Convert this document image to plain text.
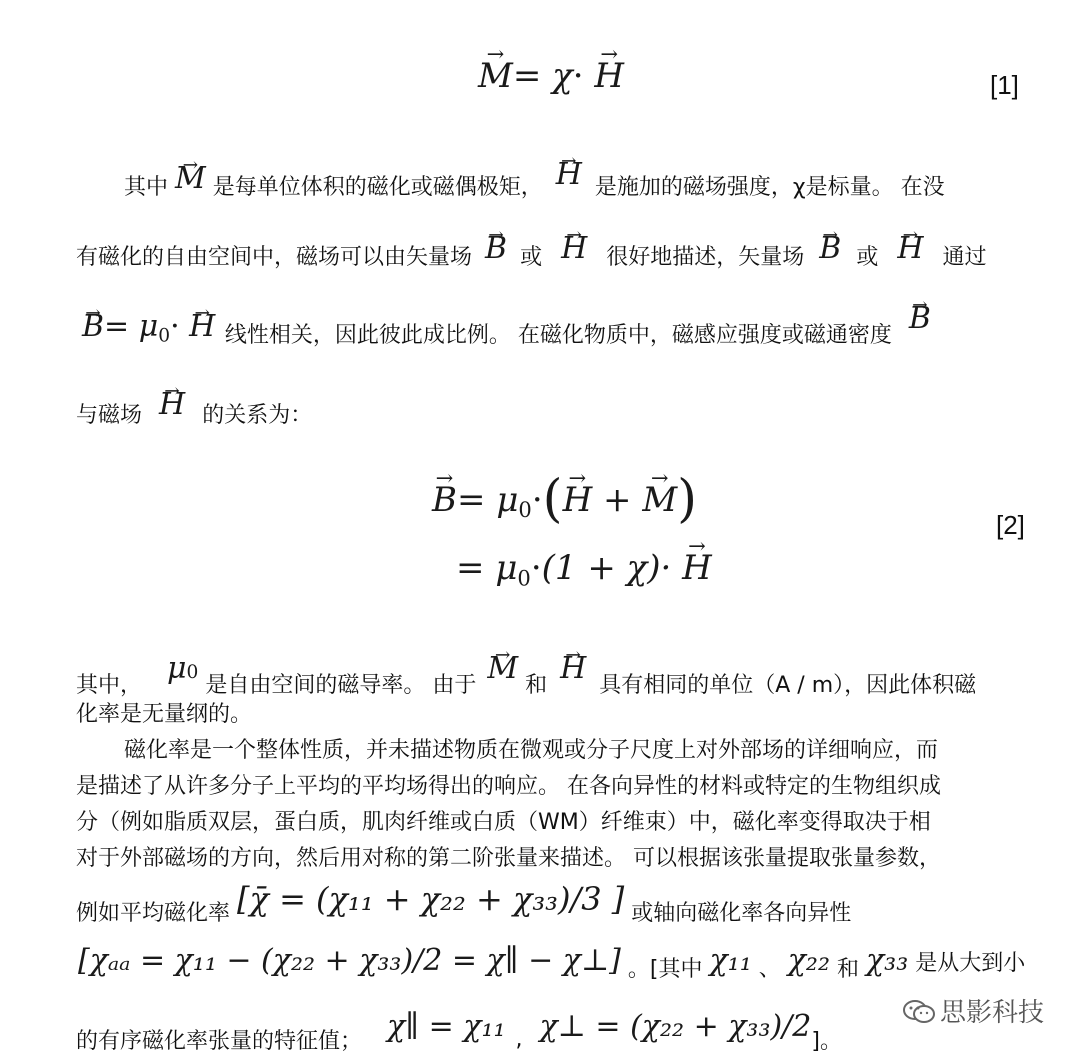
→ M= χ· → H	[1]
其中 → M 是每单位体积的磁化或磁偶极矩， → H 是施加的磁场强度，χ是标量。 在没
有磁化的自由空间中，磁场可以由矢量场 → B 或 → H 很好地描述，矢量场 → B 或 → H 通过
→ $B= \mu_0\cdot \to H$ 线性相关，因此彼此成比例。 在磁化物质中，磁感应强度或磁通密度 → B
与磁场 → H 的关系为：
→ $B= \mu_0\cdot(\to H$ + → M)
= $\mu_0\cdot(1 + \chi)\cdot \to H$
[2]
其中， μ0 是自由空间的磁导率。 由于 → M 和 → H 具有相同的单位（A / m），因此体积磁
化率是无量纲的。
磁化率是一个整体性质，并未描述物质在微观或分子尺度上对外部场的详细响应，而
是描述了从许多分子上平均的平均场得出的响应。 在各向异性的材料或特定的生物组织成
分（例如脂质双层，蛋白质，肌肉纤维或白质（WM）纤维束）中，磁化率变得取决于相
对于外部磁场的方向，然后用对称的第二阶张量来描述。 可以根据该张量提取张量参数，
例如平均磁化率 [χ̄ = (χ₁₁ + χ₂₂ + χ₃₃)/3 ] 或轴向磁化率各向异性
[χₐₐ = χ₁₁ − (χ₂₂ + χ₃₃)/2 = χ∥ − χ⊥] 。[其中 χ₁₁ 、 χ₂₂ 和 χ₃₃ 是从大到小
的有序磁化率张量的特征值； χ∥ = χ₁₁ , χ⊥ = (χ₂₂ + χ₃₃)/2]。
思影科技
